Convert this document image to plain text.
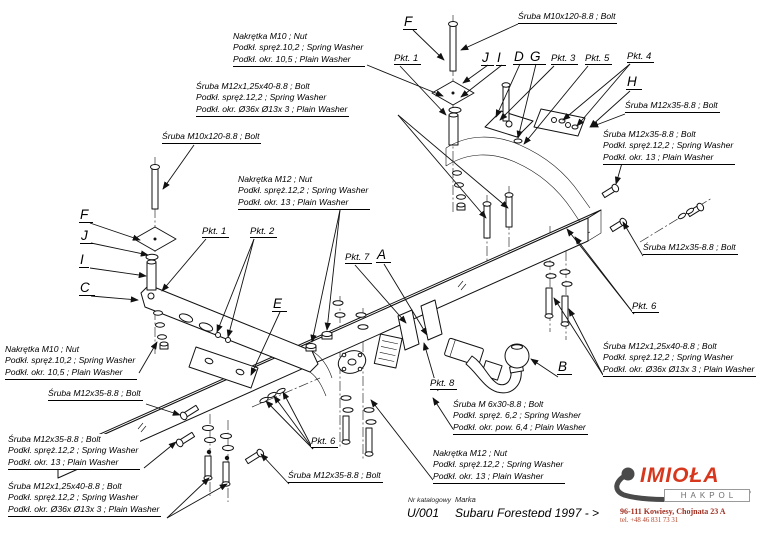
Nakrętka M10 ; Nut
Podkł. spręż.10,2 ; Spring Washer
Podkł. okr. 10,5 ; Plain Washer
Śruba M12x1,25x40-8.8 ; Bolt
Podkł. spręż.12,2 ; Spring Washer
Podkł. okr. Ø36x Ø13x 3 ; Plain Washer
Śruba M10x120-8.8 ; Bolt
Nakrętka M12 ; Nut
Podkł. spręż.12,2 ; Spring Washer
Podkł. okr. 13 ; Plain Washer
Śruba M10x120-8.8 ; Bolt
Śruba M12x35-8.8 ; Bolt
Śruba M12x35-8.8 ; Bolt
Podkł. spręż.12,2 ; Spring Washer
Podkł. okr. 13 ; Plain Washer
Śruba M12x35-8.8 ; Bolt
Śruba M12x1,25x40-8.8 ; Bolt
Podkł. spręż.12,2 ; Spring Washer
Podkł. okr. Ø36x Ø13x 3 ; Plain Washer
Nakrętka M10 ; Nut
Podkł. spręż.10,2 ; Spring Washer
Podkł. okr. 10,5 ; Plain Washer
Śruba M12x35-8.8 ; Bolt
Śruba M12x35-8.8 ; Bolt
Podkł. spręż.12,2 ; Spring Washer
Podkł. okr. 13 ; Plain Washer
Śruba M12x1,25x40-8.8 ; Bolt
Podkł. spręż.12,2 ; Spring Washer
Podkł. okr. Ø36x Ø13x 3 ; Plain Washer
Śruba M12x35-8.8 ; Bolt
Śruba M 6x30-8.8 ; Bolt
Podkł. spręż. 6,2 ; Spring Washer
Podkł. okr. pow. 6,4 ; Plain Washer
Nakrętka M12 ; Nut
Podkł. spręż.12,2 ; Spring Washer
Podkł. okr. 13 ; Plain Washer
Pkt. 1	Pkt. 3	Pkt. 5	Pkt. 4
Pkt. 1	Pkt. 2
Pkt. 7
Pkt. 8
Pkt. 6
Pkt. 6
F
J I D G
H
F
J
I
C
E
A
B
Nr katalogowy
U/001
Marka
Subaru Forester
od 1997 - >
IMIOŁA
HAKPOL
96-111 Kowiesy, Chojnata 23 A
tel. +48 46 831 73 31
